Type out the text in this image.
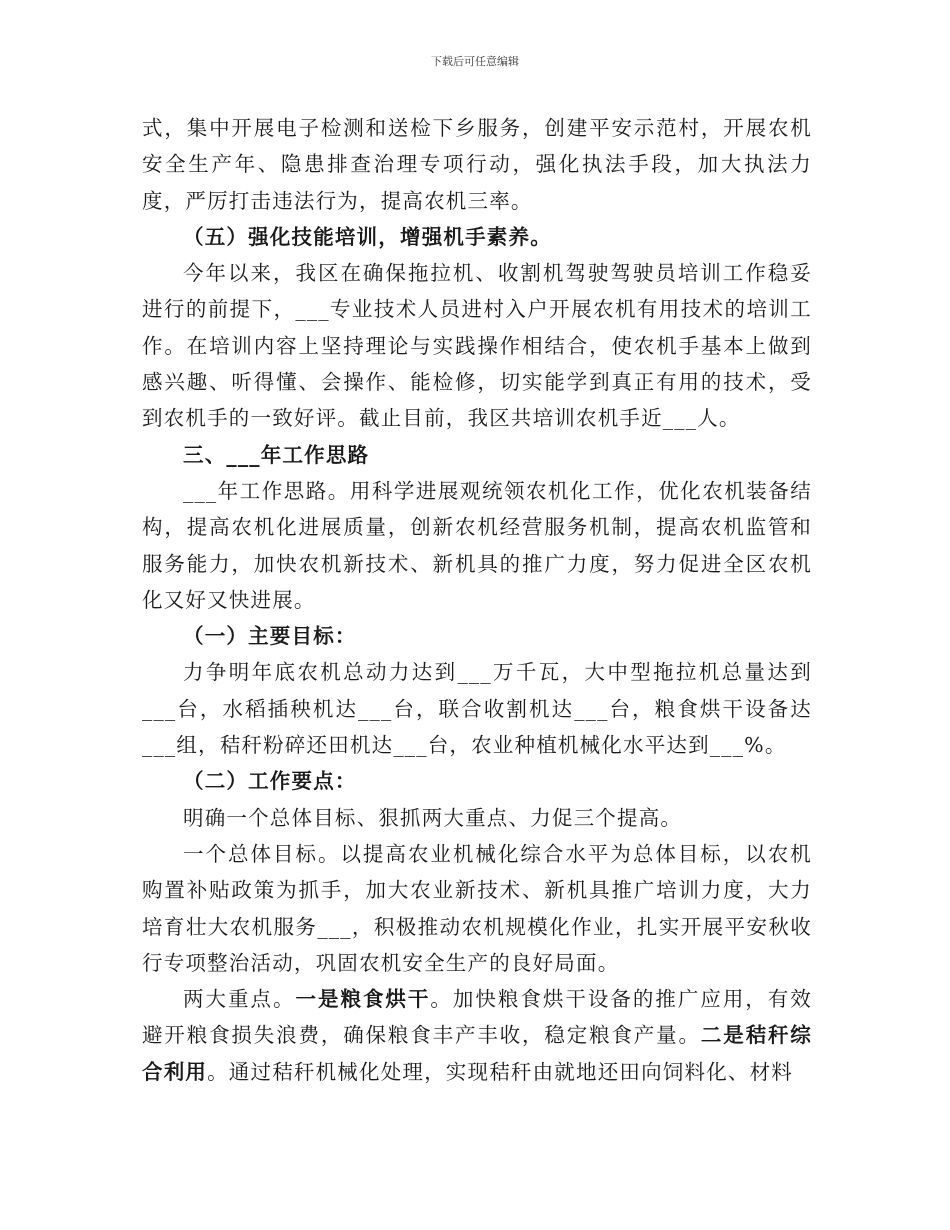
下载后可任意编辑

式，集中开展电子检测和送检下乡服务，创建平安示范村，开展农机安全生产年、隐患排查治理专项行动，强化执法手段，加大执法力度，严厉打击违法行为，提高农机三率。

（五）强化技能培训，增强机手素养。

今年以来，我区在确保拖拉机、收割机驾驶驾驶员培训工作稳妥进行的前提下，___专业技术人员进村入户开展农机有用技术的培训工作。在培训内容上坚持理论与实践操作相结合，使农机手基本上做到感兴趣、听得懂、会操作、能检修，切实能学到真正有用的技术，受到农机手的一致好评。截止目前，我区共培训农机手近___人。

三、___年工作思路

___年工作思路。用科学进展观统领农机化工作，优化农机装备结构，提高农机化进展质量，创新农机经营服务机制，提高农机监管和服务能力，加快农机新技术、新机具的推广力度，努力促进全区农机化又好又快进展。

（一）主要目标：

力争明年底农机总动力达到___万千瓦，大中型拖拉机总量达到___台，水稻插秧机达___台，联合收割机达___台，粮食烘干设备达___组，秸秆粉碎还田机达___台，农业种植机械化水平达到___%。

（二）工作要点：

明确一个总体目标、狠抓两大重点、力促三个提高。

一个总体目标。以提高农业机械化综合水平为总体目标，以农机购置补贴政策为抓手，加大农业新技术、新机具推广培训力度，大力培育壮大农机服务___，积极推动农机规模化作业，扎实开展平安秋收行专项整治活动，巩固农机安全生产的良好局面。

两大重点。一是粮食烘干。加快粮食烘干设备的推广应用，有效避开粮食损失浪费，确保粮食丰产丰收，稳定粮食产量。二是秸秆综合利用。通过秸秆机械化处理，实现秸秆由就地还田向饲料化、材料
